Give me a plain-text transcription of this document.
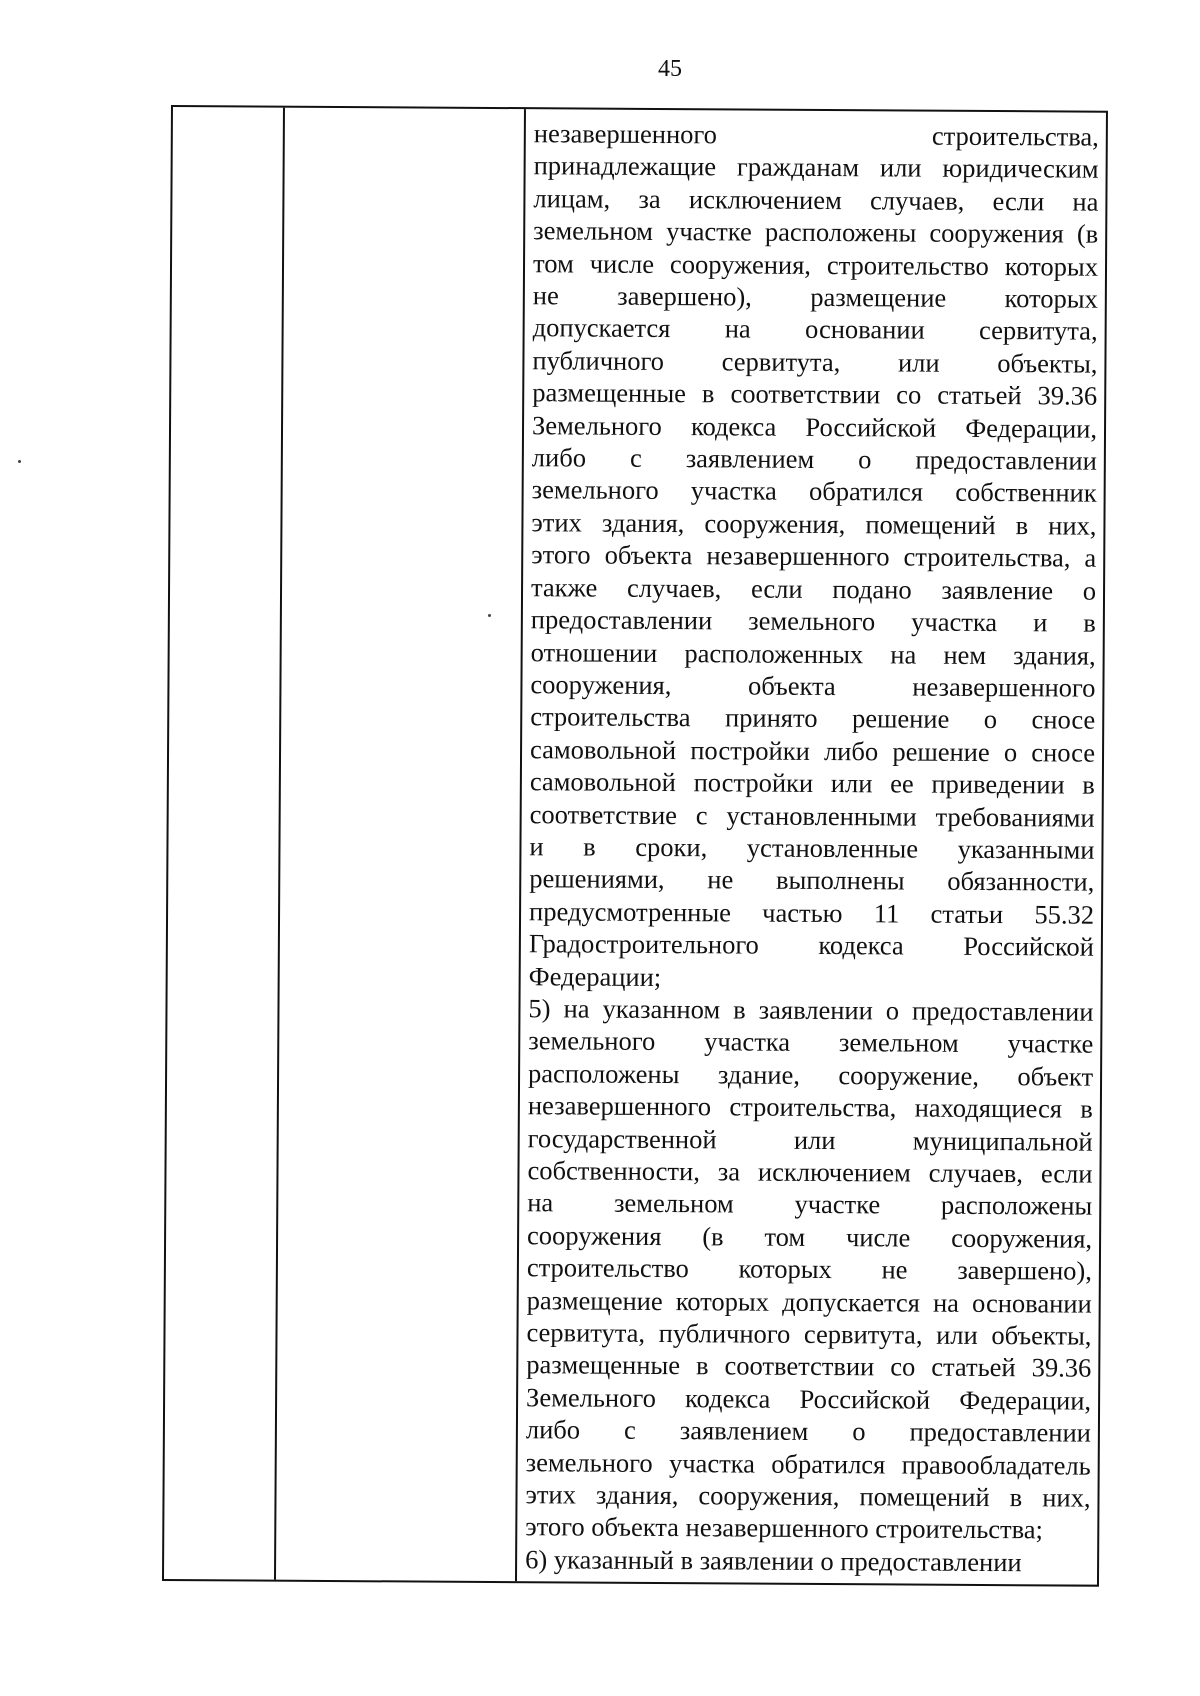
45
незавершенного строительства,
принадлежащие гражданам или юридическим
лицам, за исключением случаев, если на
земельном участке расположены сооружения (в
том числе сооружения, строительство которых
не завершено), размещение которых
допускается на основании сервитута,
публичного сервитута, или объекты,
размещенные в соответствии со статьей 39.36
Земельного кодекса Российской Федерации,
либо с заявлением о предоставлении
земельного участка обратился собственник
этих здания, сооружения, помещений в них,
этого объекта незавершенного строительства, а
также случаев, если подано заявление о
предоставлении земельного участка и в
отношении расположенных на нем здания,
сооружения, объекта незавершенного
строительства принято решение о сносе
самовольной постройки либо решение о сносе
самовольной постройки или ее приведении в
соответствие с установленными требованиями
и в сроки, установленные указанными
решениями, не выполнены обязанности,
предусмотренные частью 11 статьи 55.32
Градостроительного кодекса Российской
Федерации;
5) на указанном в заявлении о предоставлении
земельного участка земельном участке
расположены здание, сооружение, объект
незавершенного строительства, находящиеся в
государственной или муниципальной
собственности, за исключением случаев, если
на земельном участке расположены
сооружения (в том числе сооружения,
строительство которых не завершено),
размещение которых допускается на основании
сервитута, публичного сервитута, или объекты,
размещенные в соответствии со статьей 39.36
Земельного кодекса Российской Федерации,
либо с заявлением о предоставлении
земельного участка обратился правообладатель
этих здания, сооружения, помещений в них,
этого объекта незавершенного строительства;
6) указанный в заявлении о предоставлении
